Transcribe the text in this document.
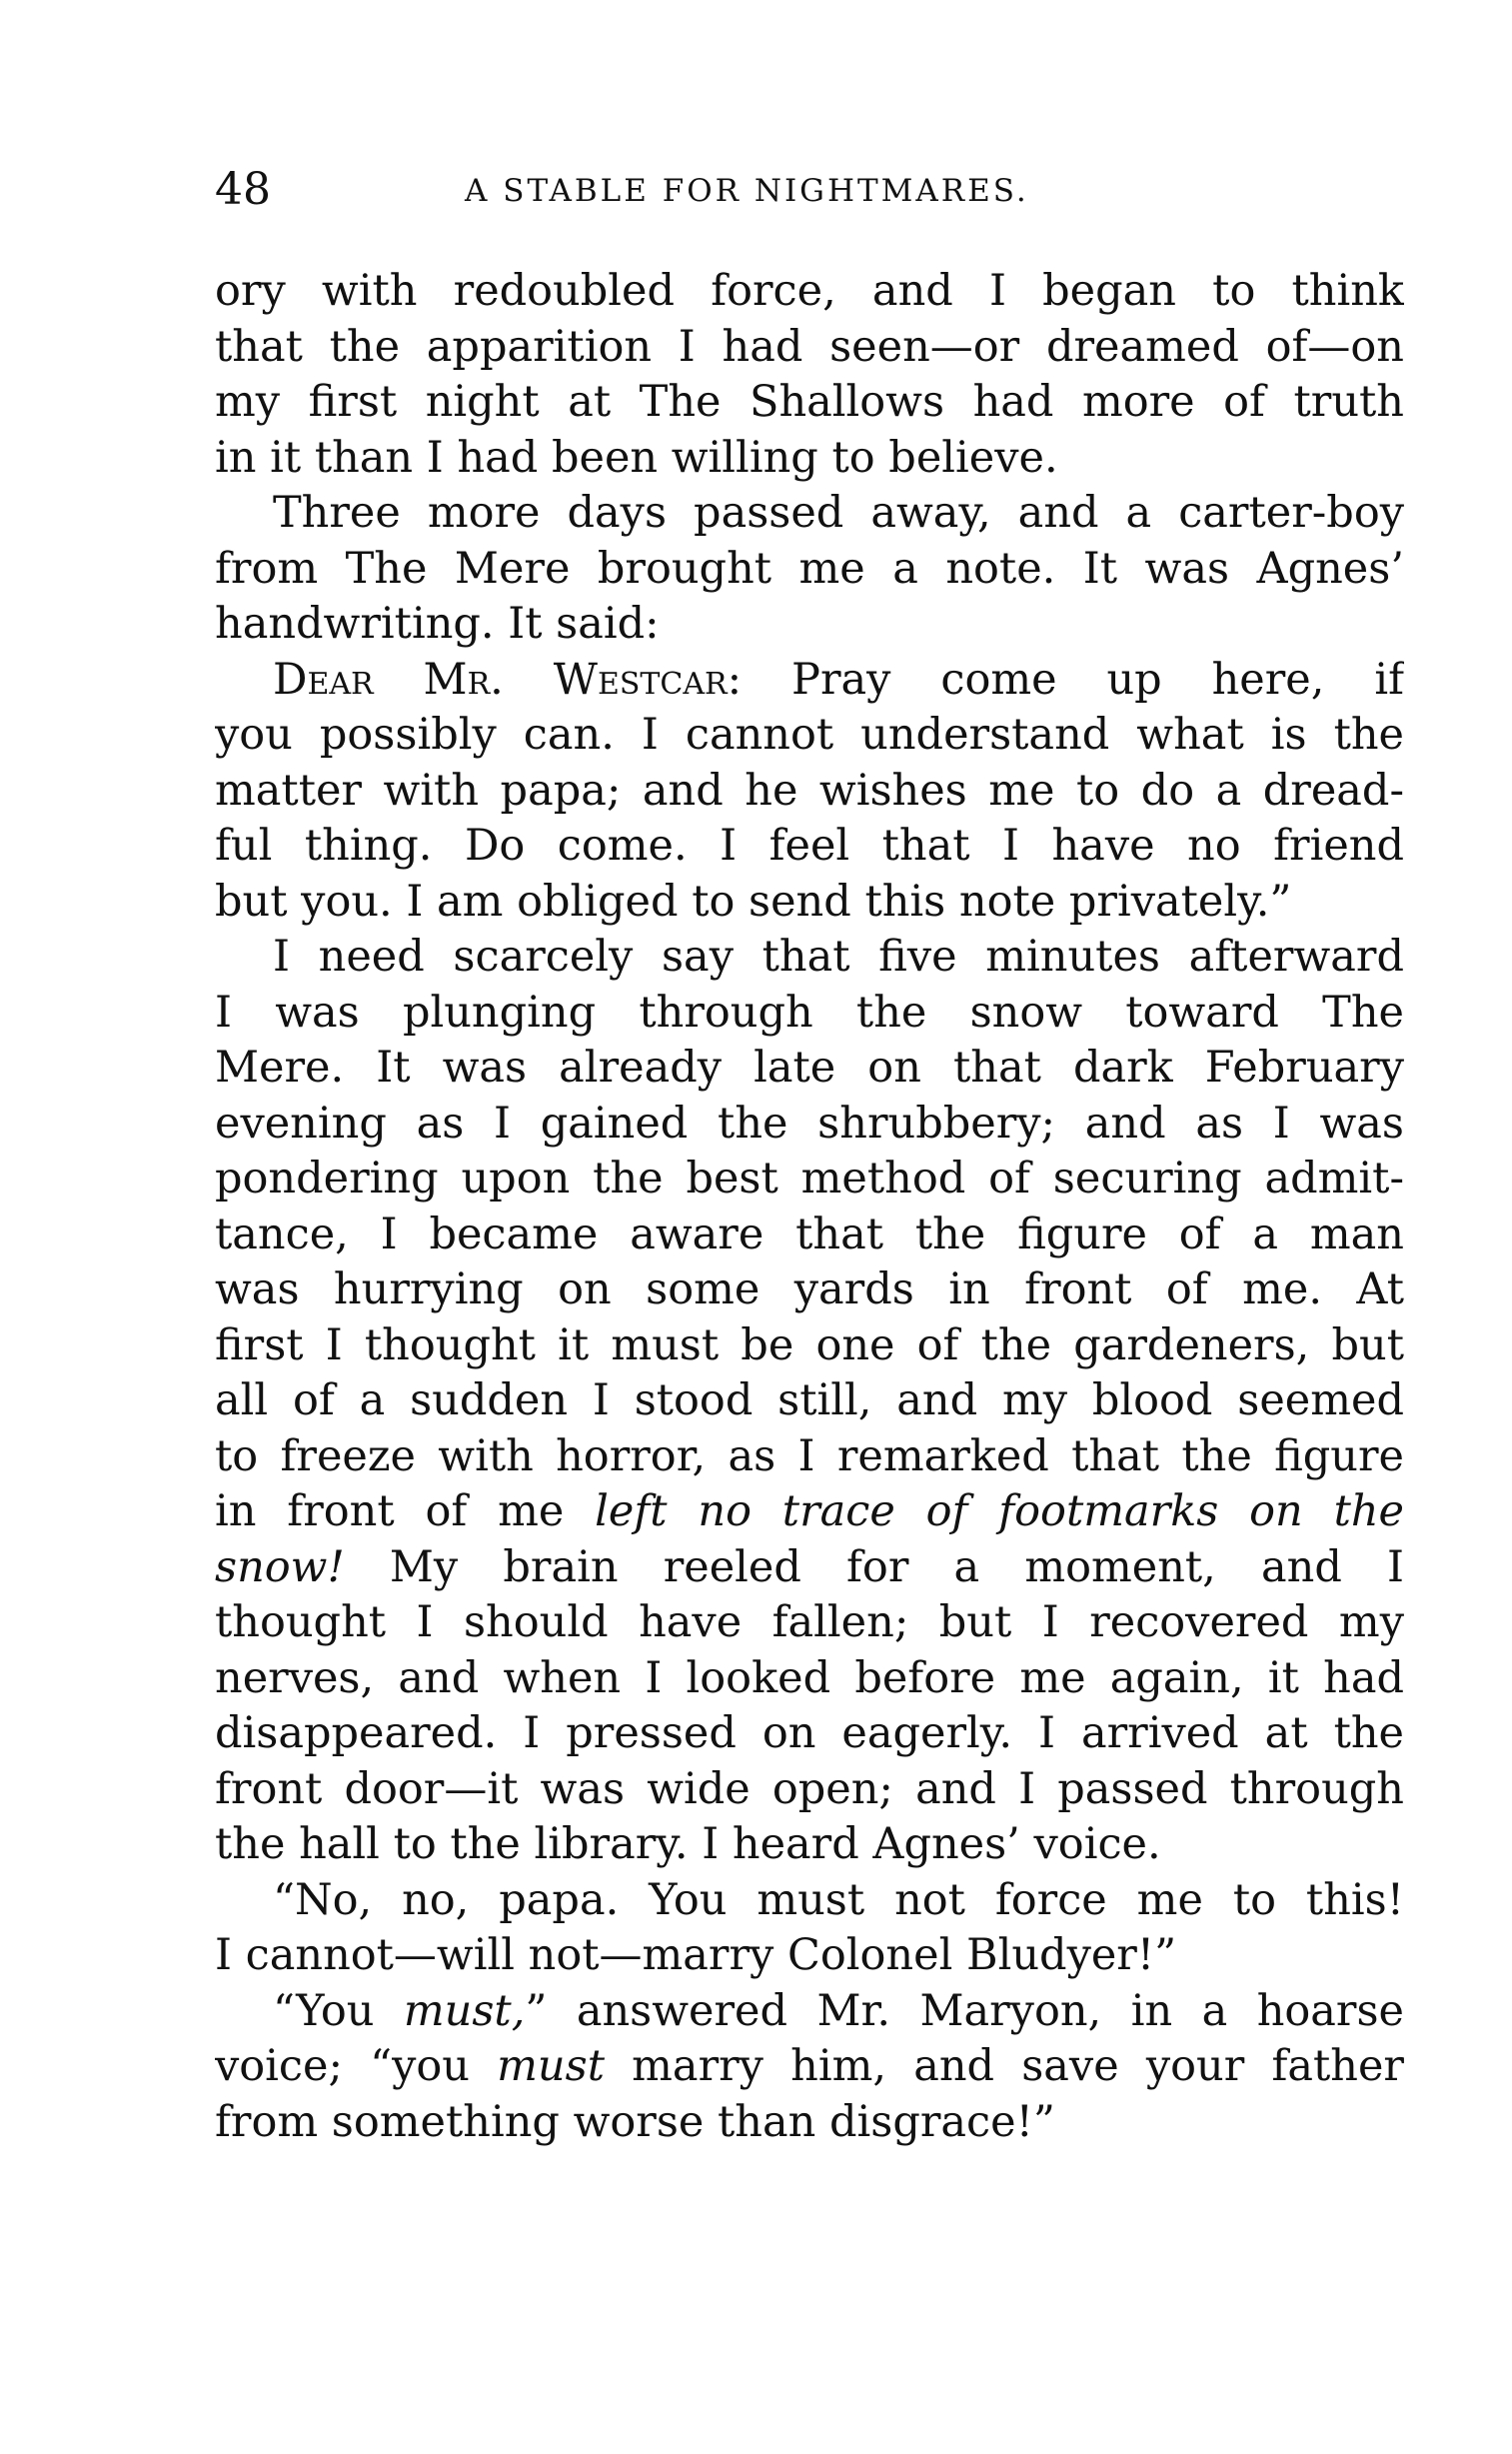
48	A STABLE FOR NIGHTMARES.
ory with redoubled force, and I began to think
that the apparition I had seen—or dreamed of—on
my first night at The Shallows had more of truth
in it than I had been willing to believe.
Three more days passed away, and a carter-boy
from The Mere brought me a note. It was Agnes’
handwriting. It said:
Dear Mr. Westcar: Pray come up here, if
you possibly can. I cannot understand what is the
matter with papa; and he wishes me to do a dread-
ful thing. Do come. I feel that I have no friend
but you. I am obliged to send this note privately.”
I need scarcely say that five minutes afterward
I was plunging through the snow toward The
Mere. It was already late on that dark February
evening as I gained the shrubbery; and as I was
pondering upon the best method of securing admit-
tance, I became aware that the figure of a man
was hurrying on some yards in front of me. At
first I thought it must be one of the gardeners, but
all of a sudden I stood still, and my blood seemed
to freeze with horror, as I remarked that the figure
in front of me left no trace of footmarks on the
snow! My brain reeled for a moment, and I
thought I should have fallen; but I recovered my
nerves, and when I looked before me again, it had
disappeared. I pressed on eagerly. I arrived at the
front door—it was wide open; and I passed through
the hall to the library. I heard Agnes’ voice.
“No, no, papa. You must not force me to this!
I cannot—will not—marry Colonel Bludyer!”
“You must,” answered Mr. Maryon, in a hoarse
voice; “you must marry him, and save your father
from something worse than disgrace!”
